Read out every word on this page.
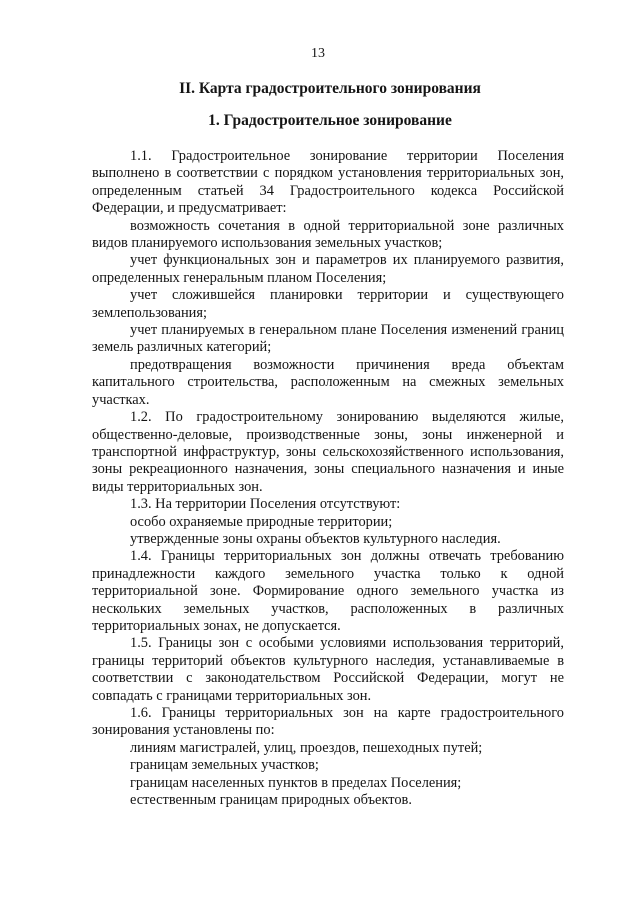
13
II. Карта градостроительного зонирования
1. Градостроительное зонирование

1.1. Градостроительное зонирование территории Поселения выполнено в соответствии с порядком установления территориальных зон, определенным статьей 34 Градостроительного кодекса Российской Федерации, и предусматривает:

возможность сочетания в одной территориальной зоне различных видов планируемого использования земельных участков;

учет функциональных зон и параметров их планируемого развития, определенных генеральным планом Поселения;

учет сложившейся планировки территории и существующего землепользования;

учет планируемых в генеральном плане Поселения изменений границ земель различных категорий;

предотвращения возможности причинения вреда объектам капитального строительства, расположенным на смежных земельных участках.

1.2. По градостроительному зонированию выделяются жилые, общественно-деловые, производственные зоны, зоны инженерной и транспортной инфраструктур, зоны сельскохозяйственного использования, зоны рекреационного назначения, зоны специального назначения и иные виды территориальных зон.

1.3. На территории Поселения отсутствуют:

особо охраняемые природные территории;

утвержденные зоны охраны объектов культурного наследия.

1.4. Границы территориальных зон должны отвечать требованию принадлежности каждого земельного участка только к одной территориальной зоне. Формирование одного земельного участка из нескольких земельных участков, расположенных в различных территориальных зонах, не допускается.

1.5. Границы зон с особыми условиями использования территорий, границы территорий объектов культурного наследия, устанавливаемые в соответствии с законодательством Российской Федерации, могут не совпадать с границами территориальных зон.

1.6. Границы территориальных зон на карте градостроительного зонирования установлены по:

линиям магистралей, улиц, проездов, пешеходных путей;

границам земельных участков;

границам населенных пунктов в пределах Поселения;

естественным границам природных объектов.
